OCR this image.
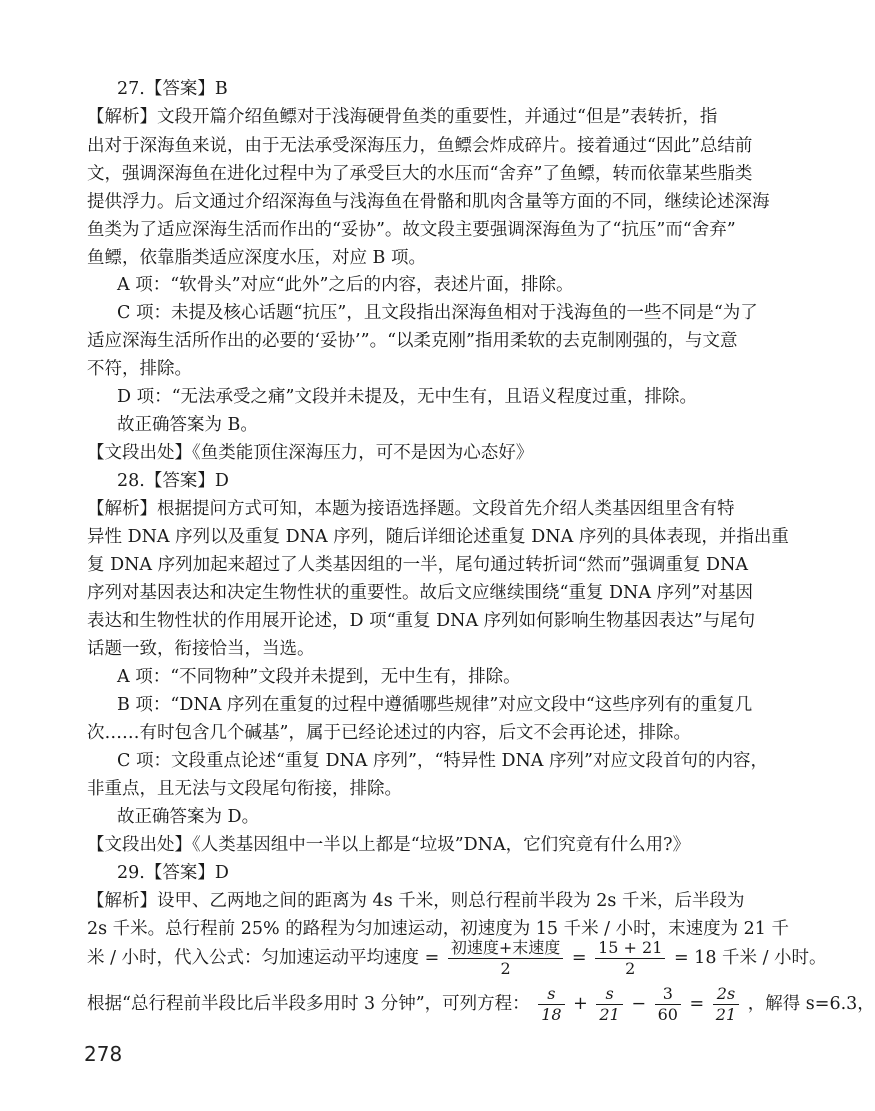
27.【答案】B
【解析】文段开篇介绍鱼鳔对于浅海硬骨鱼类的重要性，并通过“但是”表转折，指
出对于深海鱼来说，由于无法承受深海压力，鱼鳔会炸成碎片。接着通过“因此”总结前
文，强调深海鱼在进化过程中为了承受巨大的水压而“舍弃”了鱼鳔，转而依靠某些脂类
提供浮力。后文通过介绍深海鱼与浅海鱼在骨骼和肌肉含量等方面的不同，继续论述深海
鱼类为了适应深海生活而作出的“妥协”。故文段主要强调深海鱼为了“抗压”而“舍弃”
鱼鳔，依靠脂类适应深度水压，对应 B 项。
A 项：“软骨头”对应“此外”之后的内容，表述片面，排除。
C 项：未提及核心话题“抗压”，且文段指出深海鱼相对于浅海鱼的一些不同是“为了
适应深海生活所作出的必要的‘妥协’”。“以柔克刚”指用柔软的去克制刚强的，与文意
不符，排除。
D 项：“无法承受之痛”文段并未提及，无中生有，且语义程度过重，排除。
故正确答案为 B。
【文段出处】《鱼类能顶住深海压力，可不是因为心态好》
28.【答案】D
【解析】根据提问方式可知，本题为接语选择题。文段首先介绍人类基因组里含有特
异性 DNA 序列以及重复 DNA 序列，随后详细论述重复 DNA 序列的具体表现，并指出重
复 DNA 序列加起来超过了人类基因组的一半，尾句通过转折词“然而”强调重复 DNA
序列对基因表达和决定生物性状的重要性。故后文应继续围绕“重复 DNA 序列”对基因
表达和生物性状的作用展开论述，D 项“重复 DNA 序列如何影响生物基因表达”与尾句
话题一致，衔接恰当，当选。
A 项：“不同物种”文段并未提到，无中生有，排除。
B 项：“DNA 序列在重复的过程中遵循哪些规律”对应文段中“这些序列有的重复几
次……有时包含几个碱基”，属于已经论述过的内容，后文不会再论述，排除。
C 项：文段重点论述“重复 DNA 序列”，“特异性 DNA 序列”对应文段首句的内容，
非重点，且无法与文段尾句衔接，排除。
故正确答案为 D。
【文段出处】《人类基因组中一半以上都是“垃圾”DNA，它们究竟有什么用?》
29.【答案】D
【解析】设甲、乙两地之间的距离为 4s 千米，则总行程前半段为 2s 千米，后半段为
2s 千米。总行程前 25% 的路程为匀加速运动，初速度为 15 千米 / 小时，末速度为 21 千
米 / 小时，代入公式：匀加速运动平均速度 = $\frac{\text{初速度+末速度}}{2} = \frac{15 + 21}{2} = 18$ 千米 / 小时。
根据“总行程前半段比后半段多用时 3 分钟”，可列方程： $\frac{s}{18} + \frac{s}{21} - \frac{3}{60} = \frac{2s}{21}$ ，解得 s=6.3，
278
